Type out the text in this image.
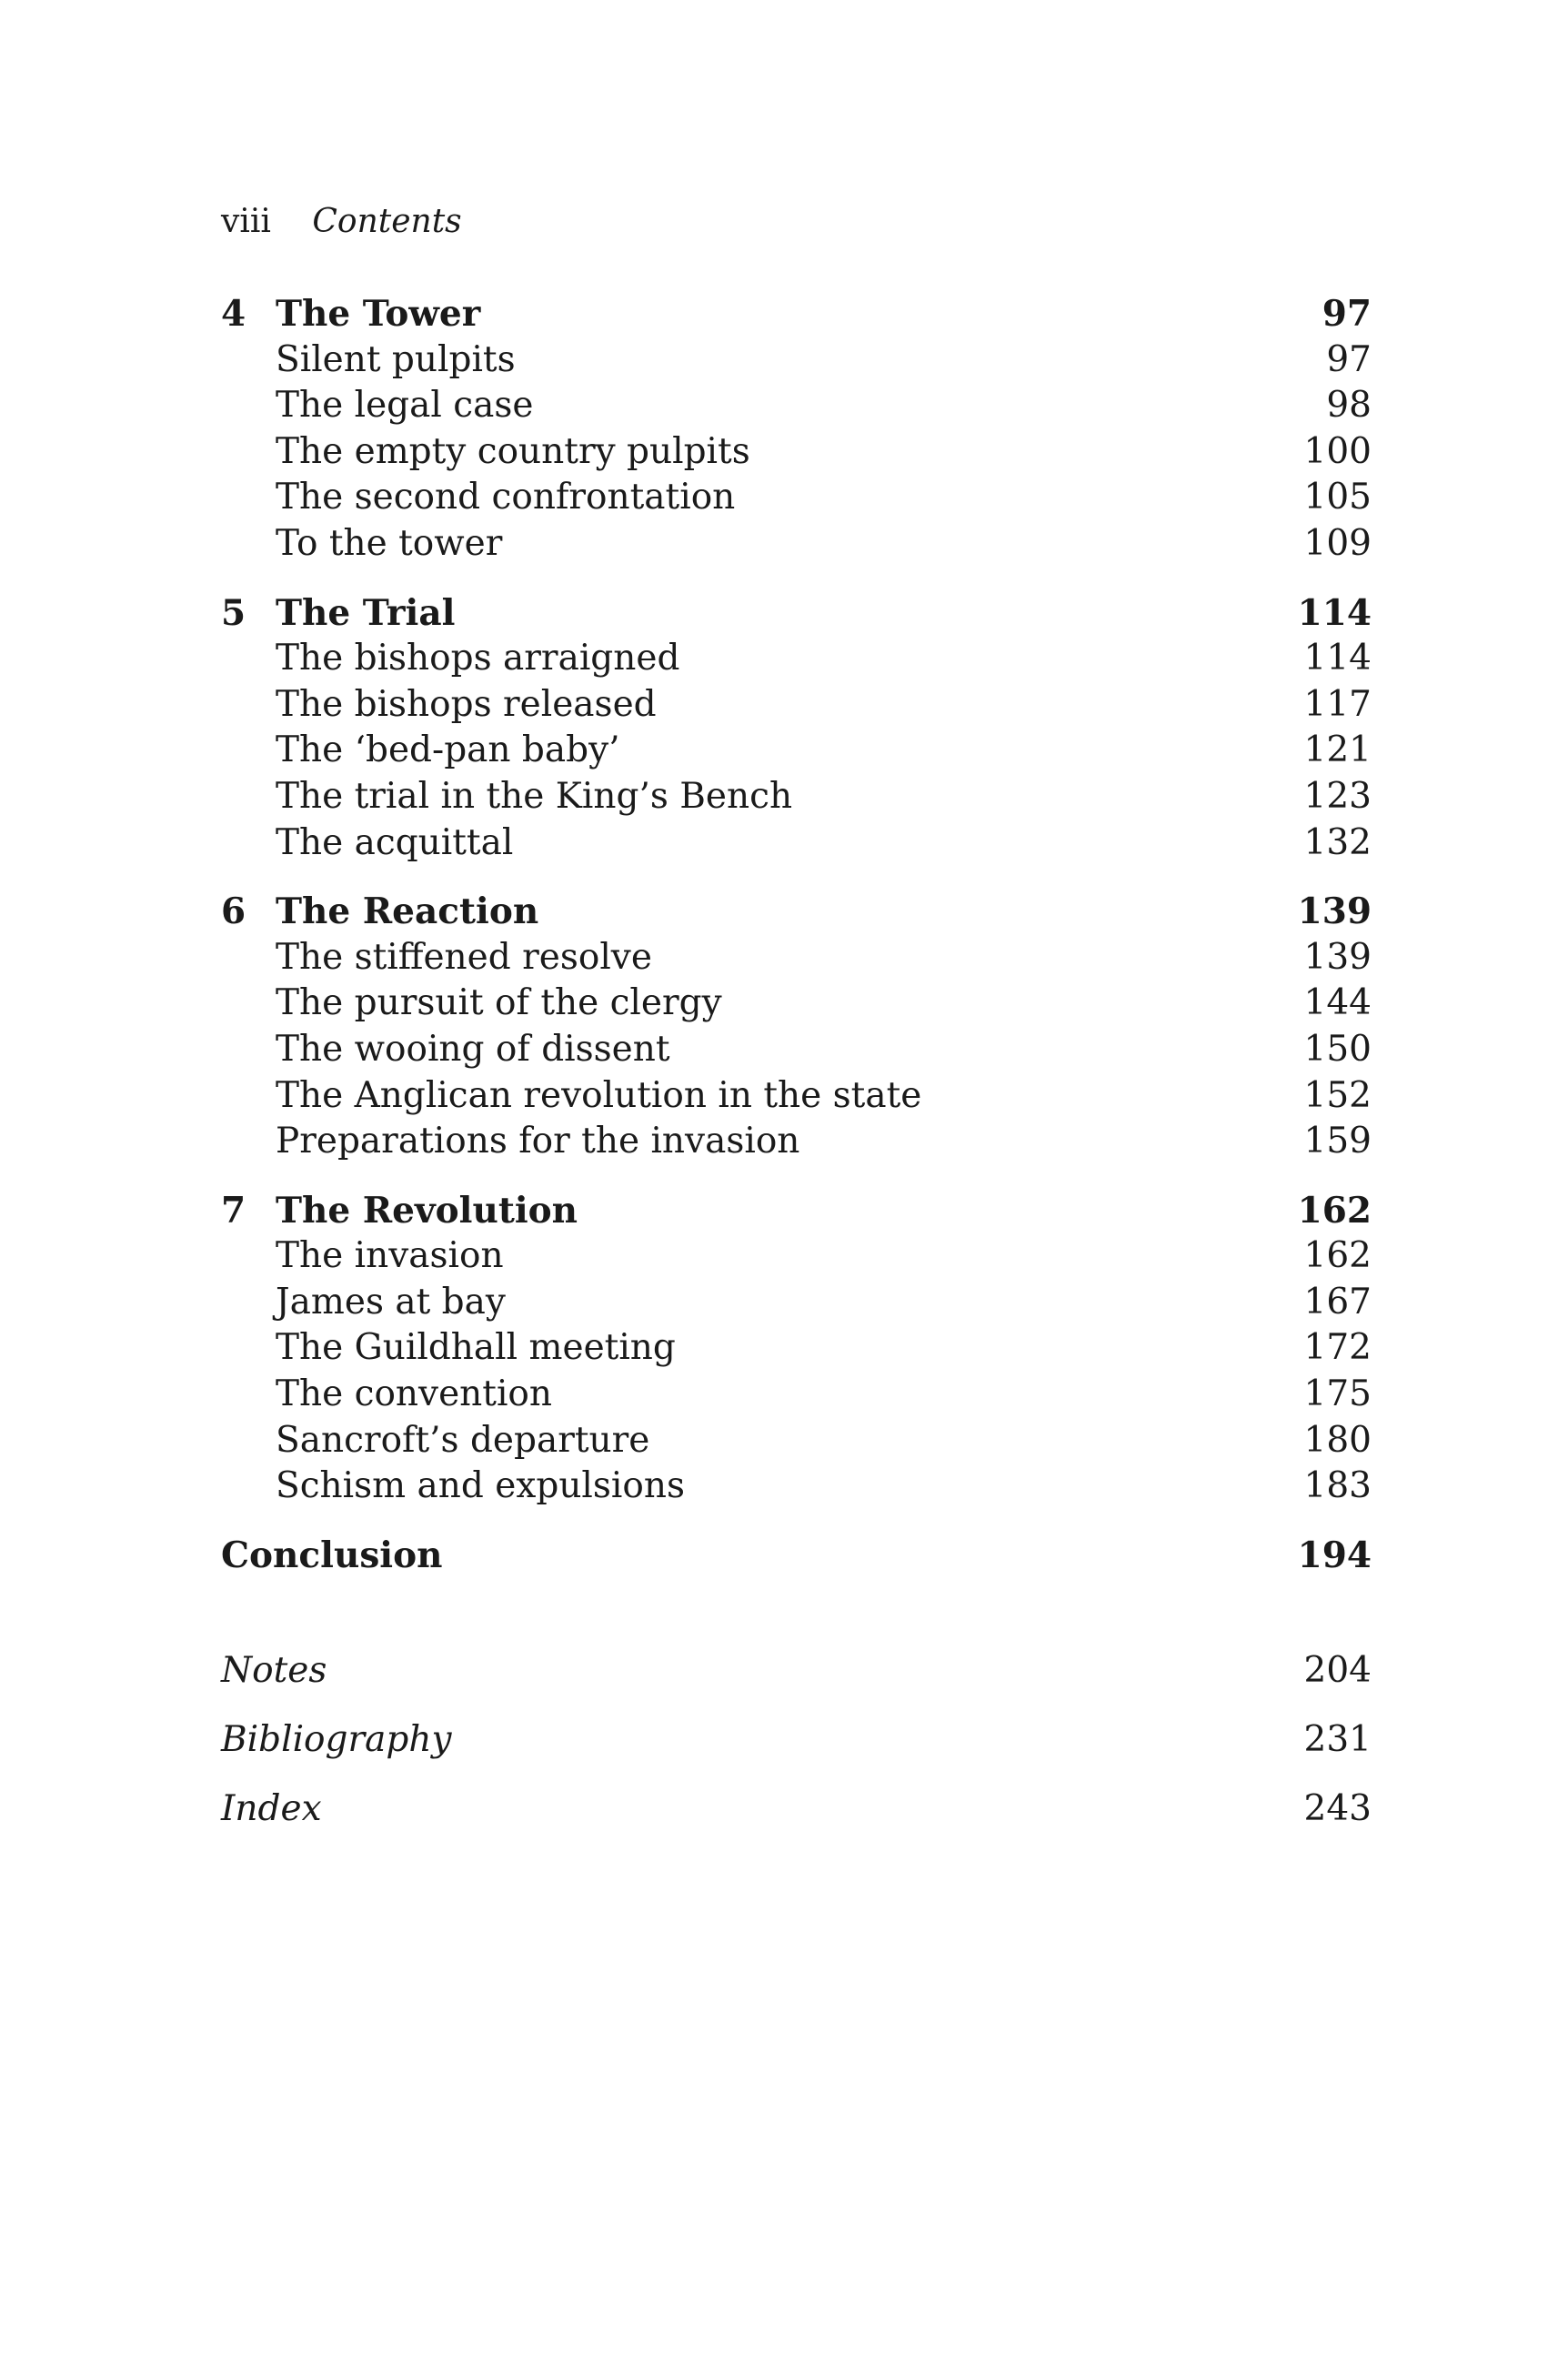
viii Contents
4 The Tower	97
Silent pulpits	97
The legal case	98
The empty country pulpits	100
The second confrontation	105
To the tower	109
5 The Trial	114
The bishops arraigned	114
The bishops released	117
The ‘bed-pan baby’	121
The trial in the King’s Bench	123
The acquittal	132
6 The Reaction	139
The stiffened resolve	139
The pursuit of the clergy	144
The wooing of dissent	150
The Anglican revolution in the state	152
Preparations for the invasion	159
7 The Revolution	162
The invasion	162
James at bay	167
The Guildhall meeting	172
The convention	175
Sancroft’s departure	180
Schism and expulsions	183
Conclusion	194
Notes	204
Bibliography	231
Index	243
